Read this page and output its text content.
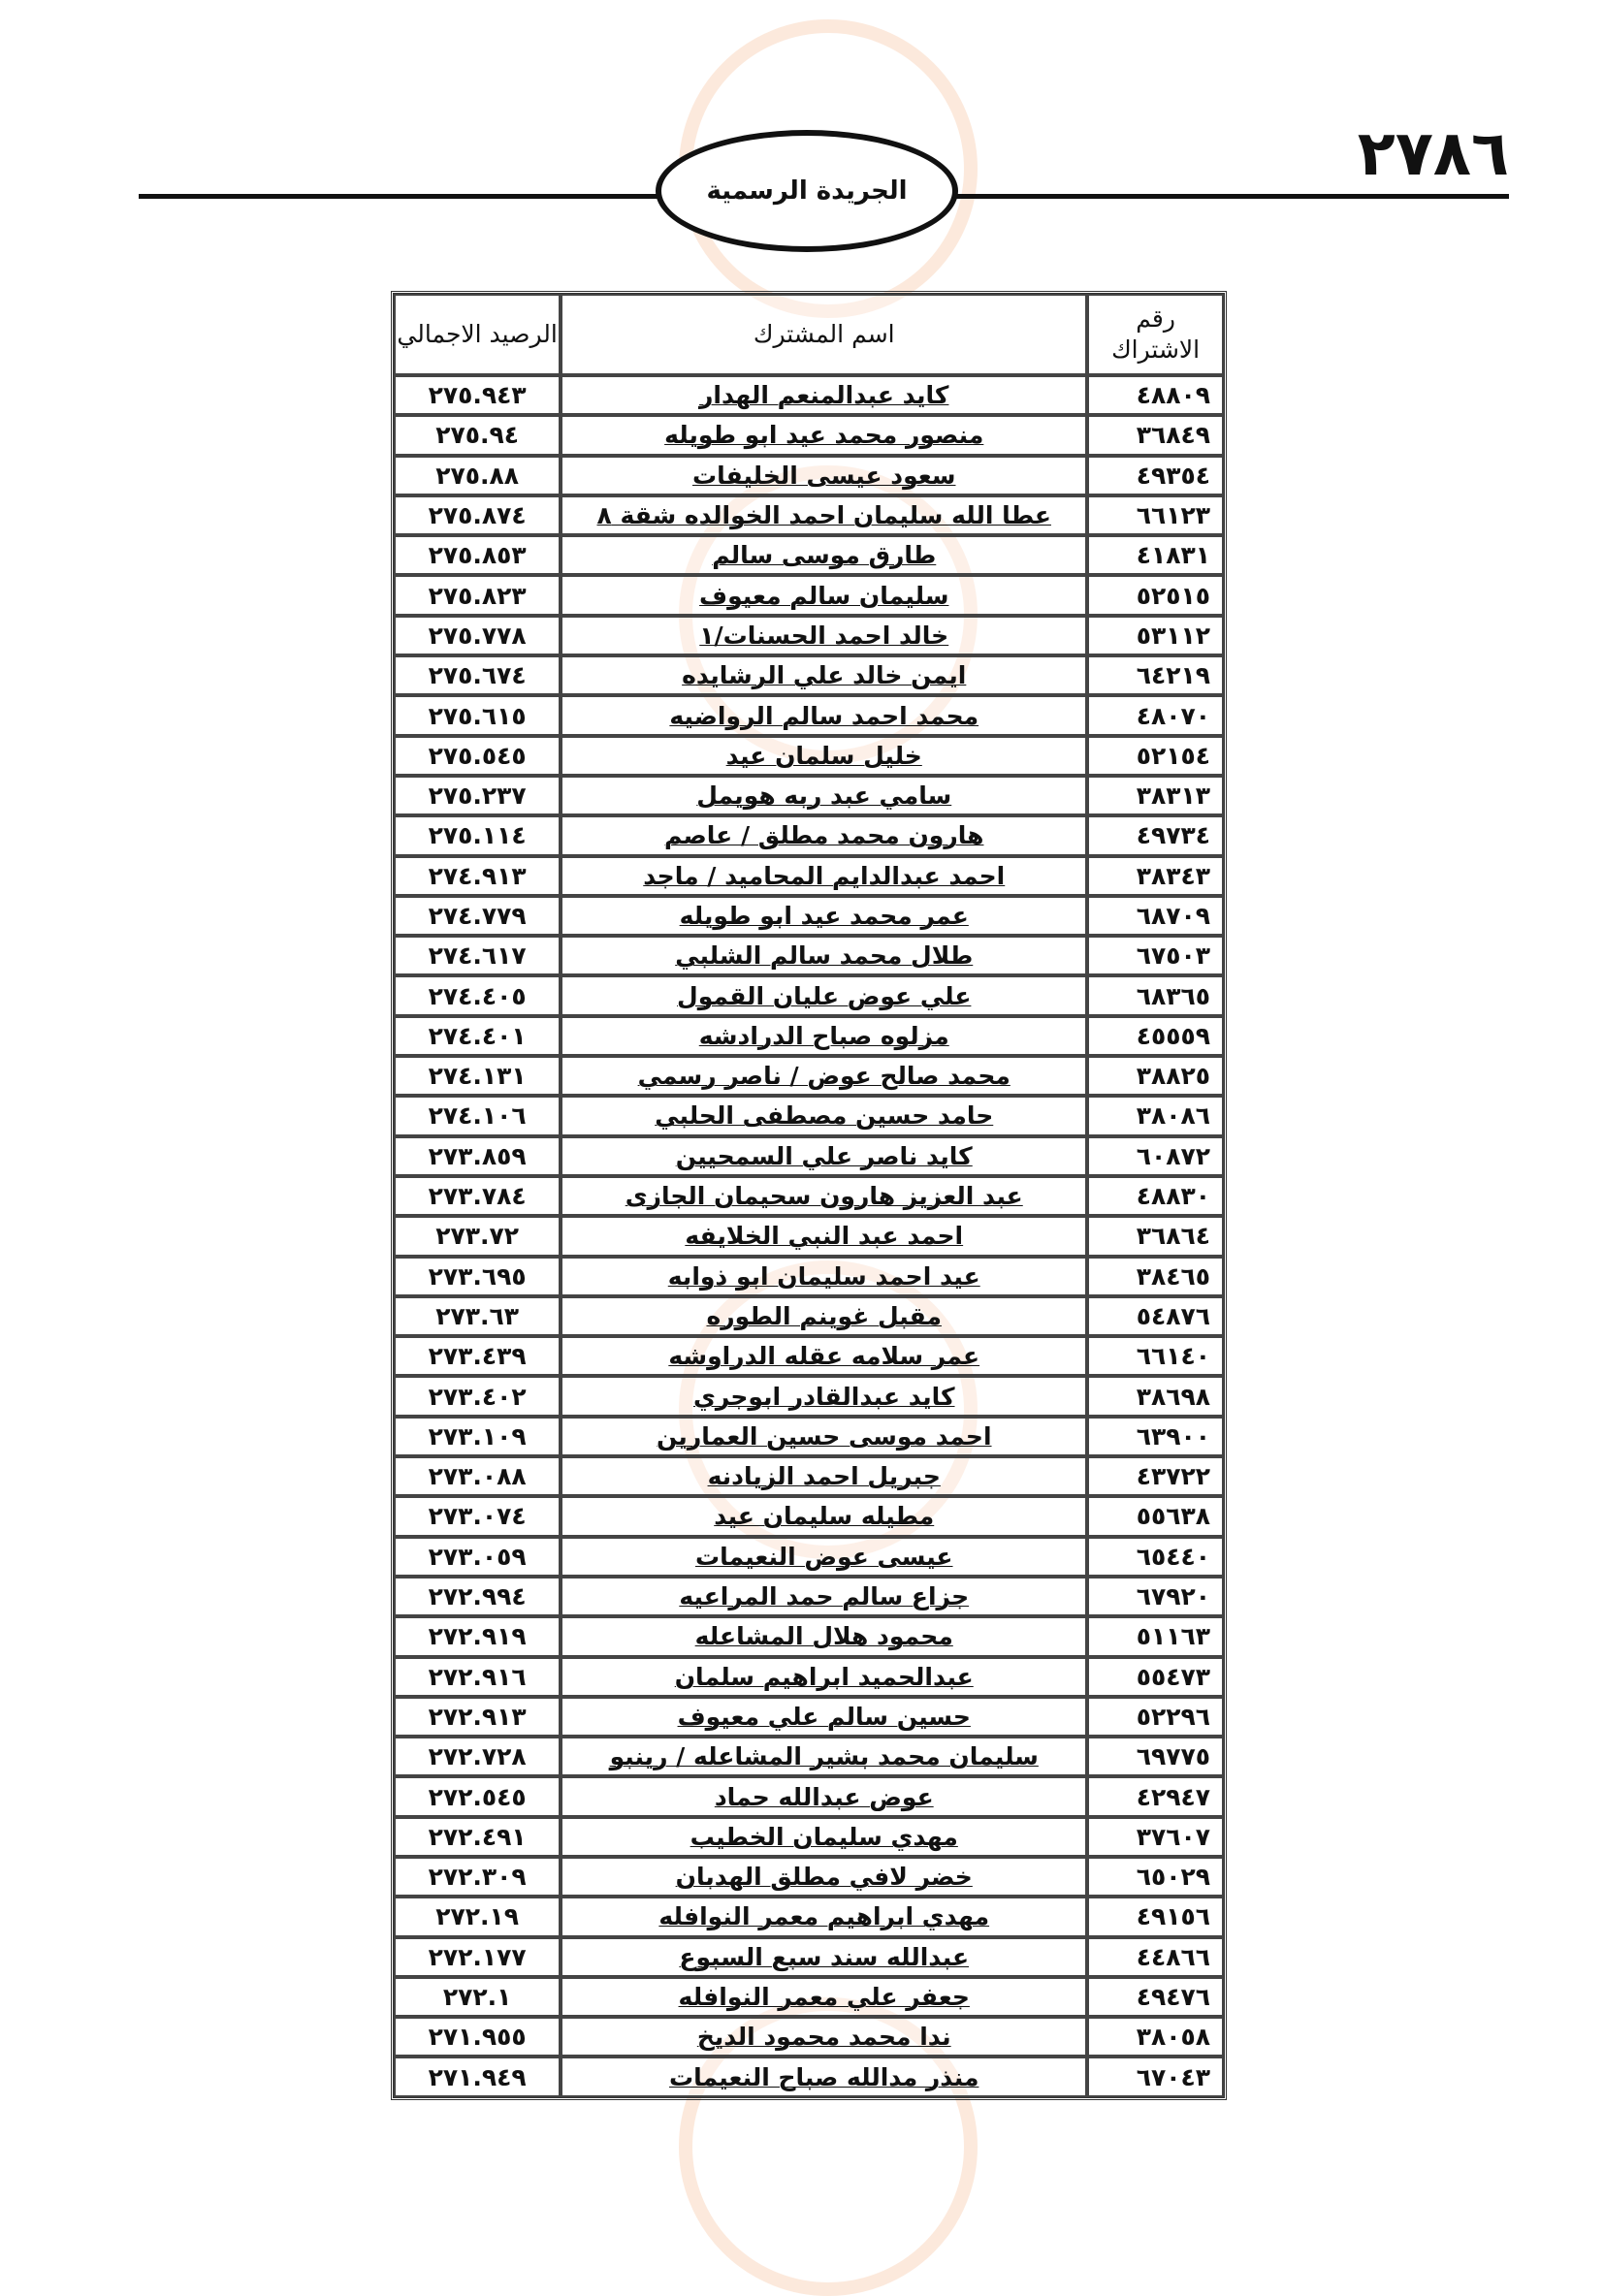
٢٧٨٦
الجريدة الرسمية
رقم الاشتراك	اسم المشترك	الرصيد الاجمالي
٤٨٨٠٩	كايد عبدالمنعم الهدار	٢٧٥.٩٤٣
٣٦٨٤٩	منصور محمد عيد ابو طويله	٢٧٥.٩٤
٤٩٣٥٤	سعود عيسى الخليفات	٢٧٥.٨٨
٦٦١٢٣	عطا الله سليمان احمد الخوالده شقة ٨	٢٧٥.٨٧٤
٤١٨٣١	طارق موسى سالم	٢٧٥.٨٥٣
٥٢٥١٥	سليمان سالم معيوف	٢٧٥.٨٢٣
٥٣١١٢	خالد احمد الحسنات/١	٢٧٥.٧٧٨
٦٤٢١٩	ايمن خالد علي الرشايده	٢٧٥.٦٧٤
٤٨٠٧٠	محمد احمد سالم الرواضيه	٢٧٥.٦١٥
٥٢١٥٤	خليل سلمان عيد	٢٧٥.٥٤٥
٣٨٣١٣	سامي عبد ربه هويمل	٢٧٥.٢٣٧
٤٩٧٣٤	هارون محمد مطلق / عاصم	٢٧٥.١١٤
٣٨٣٤٣	احمد عبدالدايم المحاميد / ماجد	٢٧٤.٩١٣
٦٨٧٠٩	عمر محمد عيد ابو طويله	٢٧٤.٧٧٩
٦٧٥٠٣	طلال محمد سالم الشلبي	٢٧٤.٦١٧
٦٨٣٦٥	علي عوض عليان القمول	٢٧٤.٤٠٥
٤٥٥٥٩	مزلوه صباح الدرادشه	٢٧٤.٤٠١
٣٨٨٢٥	محمد صالح عوض / ناصر رسمي	٢٧٤.١٣١
٣٨٠٨٦	حامد حسين مصطفى الحلبي	٢٧٤.١٠٦
٦٠٨٧٢	كايد ناصر علي السمحيين	٢٧٣.٨٥٩
٤٨٨٣٠	عبد العزيز هارون سحيمان الجازى	٢٧٣.٧٨٤
٣٦٨٦٤	احمد عبد النبي الخلايفه	٢٧٣.٧٢
٣٨٤٦٥	عيد احمد سليمان ابو ذوابه	٢٧٣.٦٩٥
٥٤٨٧٦	مقبل غوينم الطوره	٢٧٣.٦٣
٦٦١٤٠	عمر سلامه عقله الدراوشه	٢٧٣.٤٣٩
٣٨٦٩٨	كايد عبدالقادر ابوجري	٢٧٣.٤٠٢
٦٣٩٠٠	احمد موسى حسين العمارين	٢٧٣.١٠٩
٤٣٧٢٢	جبريل احمد الزيادنه	٢٧٣.٠٨٨
٥٥٦٣٨	مطيله سليمان عيد	٢٧٣.٠٧٤
٦٥٤٤٠	عيسى عوض النعيمات	٢٧٣.٠٥٩
٦٧٩٢٠	جزاع سالم حمد المراعيه	٢٧٢.٩٩٤
٥١١٦٣	محمود هلال المشاعله	٢٧٢.٩١٩
٥٥٤٧٣	عبدالحميد ابراهيم سلمان	٢٧٢.٩١٦
٥٢٢٩٦	حسين سالم علي معيوف	٢٧٢.٩١٣
٦٩٧٧٥	سليمان محمد بشير المشاعله / رينبو	٢٧٢.٧٢٨
٤٢٩٤٧	عوض عبدالله حماد	٢٧٢.٥٤٥
٣٧٦٠٧	مهدي سليمان الخطيب	٢٧٢.٤٩١
٦٥٠٢٩	خضر لافي مطلق الهدبان	٢٧٢.٣٠٩
٤٩١٥٦	مهدي ابراهيم معمر النوافله	٢٧٢.١٩
٤٤٨٦٦	عبدالله سند سبع السبوع	٢٧٢.١٧٧
٤٩٤٧٦	جعفر علي معمر النوافله	٢٧٢.١
٣٨٠٥٨	ندا محمد محمود الديخ	٢٧١.٩٥٥
٦٧٠٤٣	منذر مدالله صباح النعيمات	٢٧١.٩٤٩
